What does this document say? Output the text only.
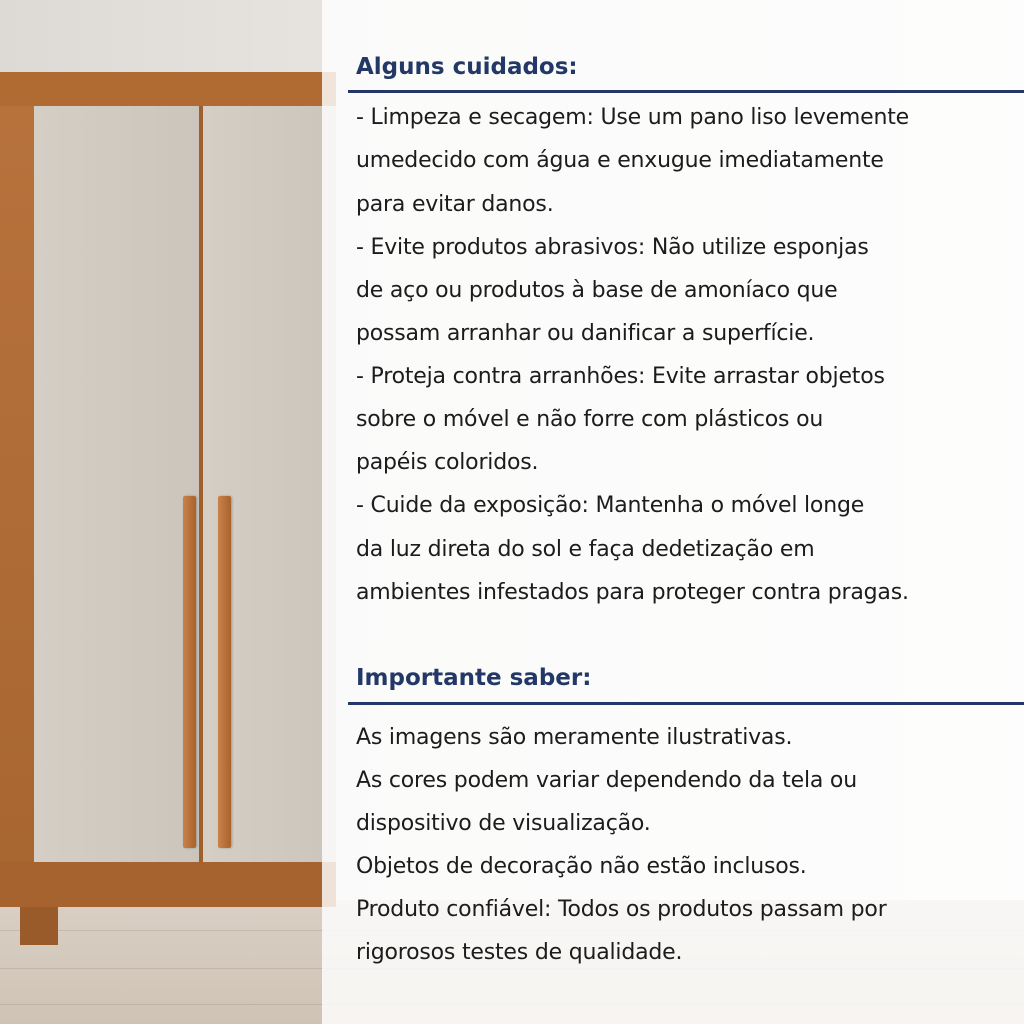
Alguns cuidados:
- Limpeza e secagem: Use um pano liso levemente
umedecido com água e enxugue imediatamente
para evitar danos.
- Evite produtos abrasivos: Não utilize esponjas
de aço ou produtos à base de amoníaco que
possam arranhar ou danificar a superfície.
- Proteja contra arranhões: Evite arrastar objetos
sobre o móvel e não forre com plásticos ou
papéis coloridos.
- Cuide da exposição: Mantenha o móvel longe
da luz direta do sol e faça dedetização em
ambientes infestados para proteger contra pragas.
Importante saber:
As imagens são meramente ilustrativas.
As cores podem variar dependendo da tela ou
dispositivo de visualização.
Objetos de decoração não estão inclusos.
Produto confiável: Todos os produtos passam por
rigorosos testes de qualidade.
